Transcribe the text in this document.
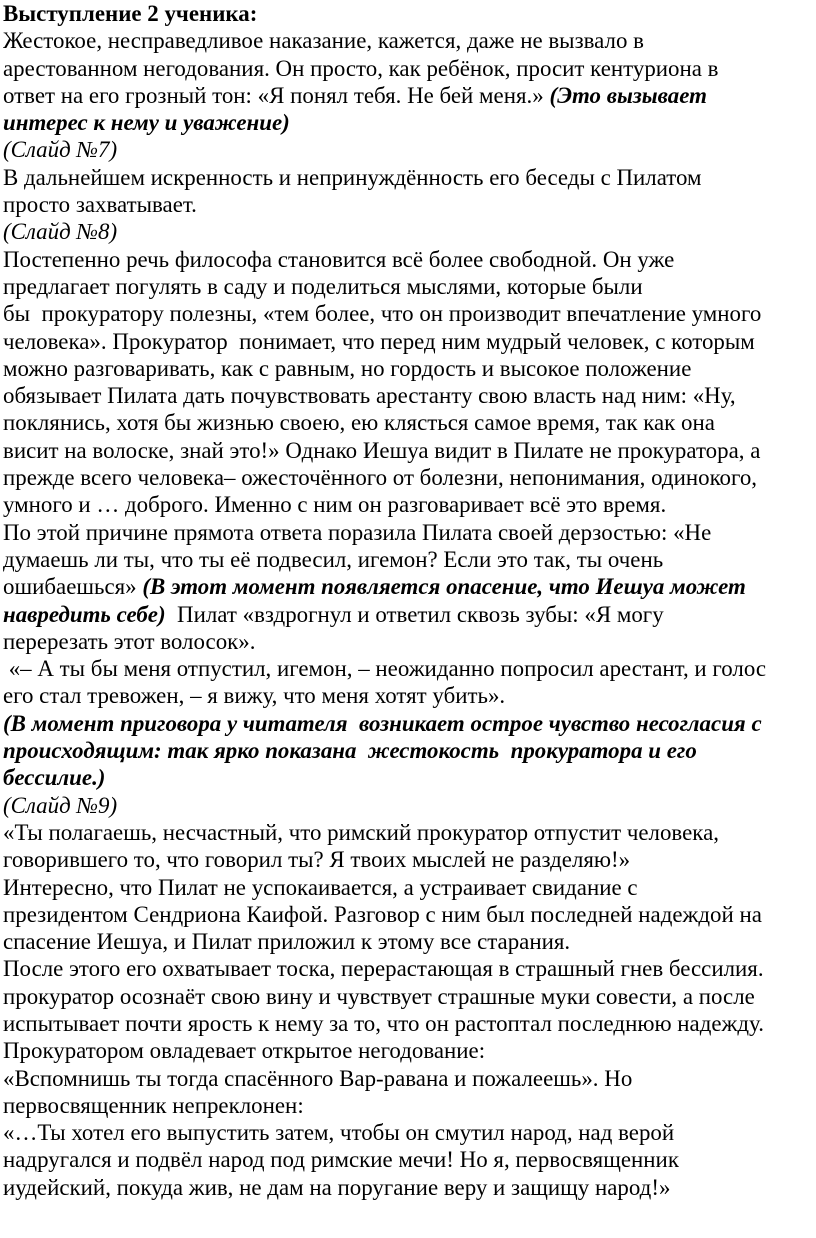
Выступление 2 ученика:
Жестокое, несправедливое наказание, кажется, даже не вызвало в
арестованном негодования. Он просто, как ребёнок, просит кентуриона в
ответ на его грозный тон: «Я понял тебя. Не бей меня.» (Это вызывает
интерес к нему и уважение)
(Слайд №7)
В дальнейшем искренность и непринуждённость его беседы с Пилатом
просто захватывает.
(Слайд №8)
Постепенно речь философа становится всё более свободной. Он уже
предлагает погулять в саду и поделиться мыслями, которые были
бы  прокуратору полезны, «тем более, что он производит впечатление умного
человека». Прокуратор  понимает, что перед ним мудрый человек, с которым
можно разговаривать, как с равным, но гордость и высокое положение
обязывает Пилата дать почувствовать арестанту свою власть над ним: «Ну,
поклянись, хотя бы жизнью своею, ею клясться самое время, так как она
висит на волоске, знай это!» Однако Иешуа видит в Пилате не прокуратора, а
прежде всего человека– ожесточённого от болезни, непонимания, одинокого,
умного и … доброго. Именно с ним он разговаривает всё это время.
По этой причине прямота ответа поразила Пилата своей дерзостью: «Не
думаешь ли ты, что ты её подвесил, игемон? Если это так, ты очень
ошибаешься» (В этот момент появляется опасение, что Иешуа может
навредить себе)  Пилат «вздрогнул и ответил сквозь зубы: «Я могу
перерезать этот волосок».
«– А ты бы меня отпустил, игемон, – неожиданно попросил арестант, и голос
его стал тревожен, – я вижу, что меня хотят убить».
(В момент приговора у читателя  возникает острое чувство несогласия с
происходящим: так ярко показана  жестокость  прокуратора и его
бессилие.)
(Слайд №9)
«Ты полагаешь, несчастный, что римский прокуратор отпустит человека,
говорившего то, что говорил ты? Я твоих мыслей не разделяю!»
Интересно, что Пилат не успокаивается, а устраивает свидание с
президентом Сендриона Каифой. Разговор с ним был последней надеждой на
спасение Иешуа, и Пилат приложил к этому все старания.
После этого его охватывает тоска, перерастающая в страшный гнев бессилия.
прокуратор осознаёт свою вину и чувствует страшные муки совести, а после
испытывает почти ярость к нему за то, что он растоптал последнюю надежду.
Прокуратором овладевает открытое негодование:
«Вспомнишь ты тогда спасённого Вар-равана и пожалеешь». Но
первосвященник непреклонен:
«…Ты хотел его выпустить затем, чтобы он смутил народ, над верой
надругался и подвёл народ под римские мечи! Но я, первосвященник
иудейский, покуда жив, не дам на поругание веру и защищу народ!»
